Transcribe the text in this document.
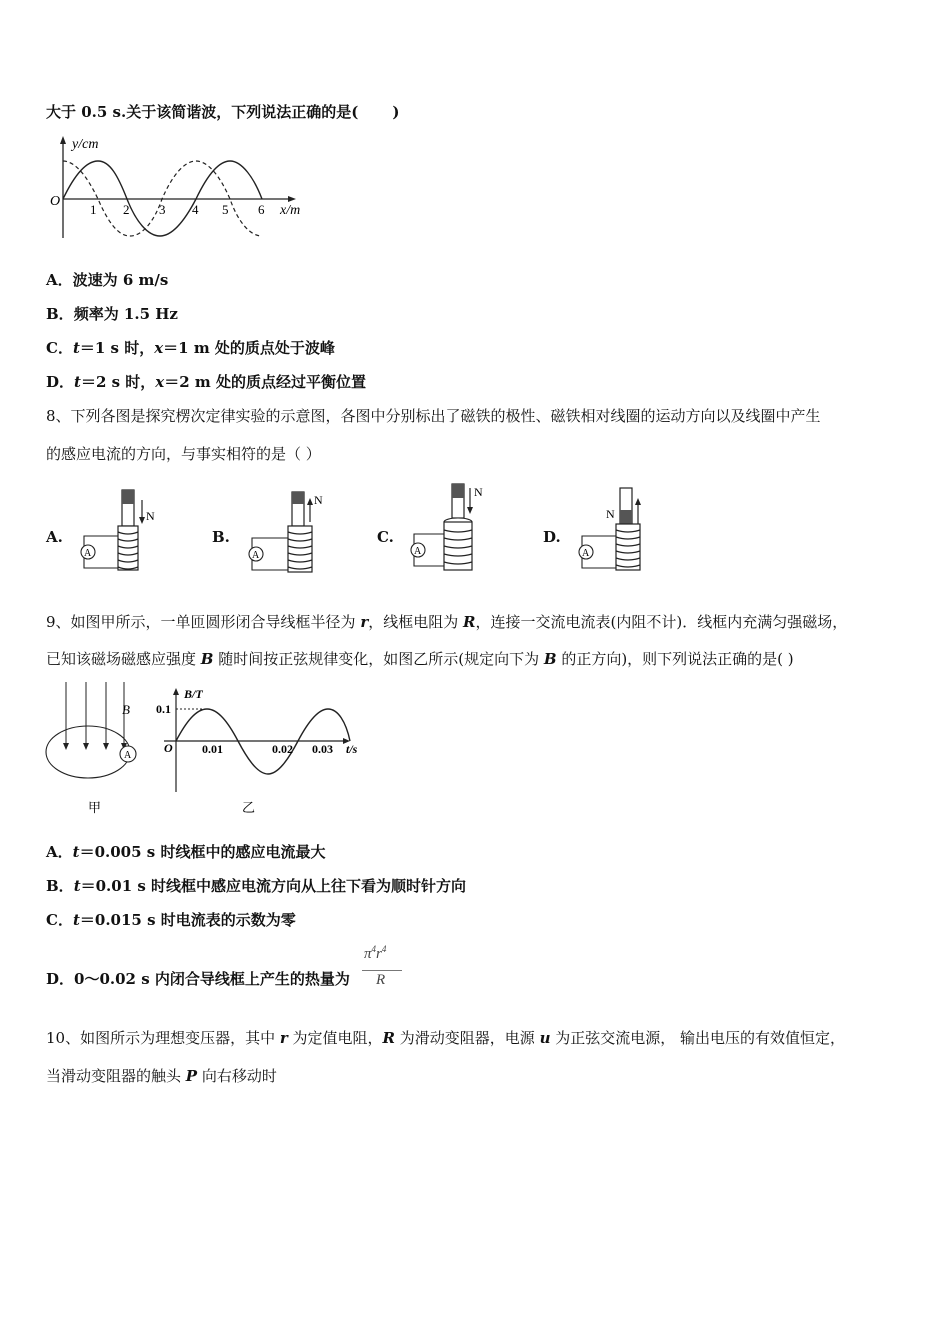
大于 0.5 s.关于该简谐波，下列说法正确的是( )
y/cm
O
1 2 3 4 5 6 x/m
A．波速为 6 m/s
B．频率为 1.5 Hz
C．t＝1 s 时，x＝1 m 处的质点处于波峰
D．t＝2 s 时，x＝2 m 处的质点经过平衡位置
8、下列各图是探究楞次定律实验的示意图，各图中分别标出了磁铁的极性、磁铁相对线圈的运动方向以及线圈中产生
的感应电流的方向，与事实相符的是（ ）
A.	B.	C.	D.
N
A
N
A
N
A
N
A
9、如图甲所示，一单匝圆形闭合导线框半径为 r，线框电阻为 R，连接一交流电流表(内阻不计)．线框内充满匀强磁场，
已知该磁场磁感应强度 B 随时间按正弦规律变化，如图乙所示(规定向下为 B 的正方向)，则下列说法正确的是( )
B
A
甲
B/T
0.1
O 0.01	0.02 0.03 t/s
乙
A．t＝0.005 s 时线框中的感应电流最大
B．t＝0.01 s 时线框中感应电流方向从上往下看为顺时针方向
C．t＝0.015 s 时电流表的示数为零
D．0～0.02 s 内闭合导线框上产生的热量为
$\pi^4r^4$
R
10、如图所示为理想变压器，其中 r 为定值电阻，R 为滑动变阻器，电源 u 为正弦交流电源， 输出电压的有效值恒定，
当滑动变阻器的触头 P 向右移动时
